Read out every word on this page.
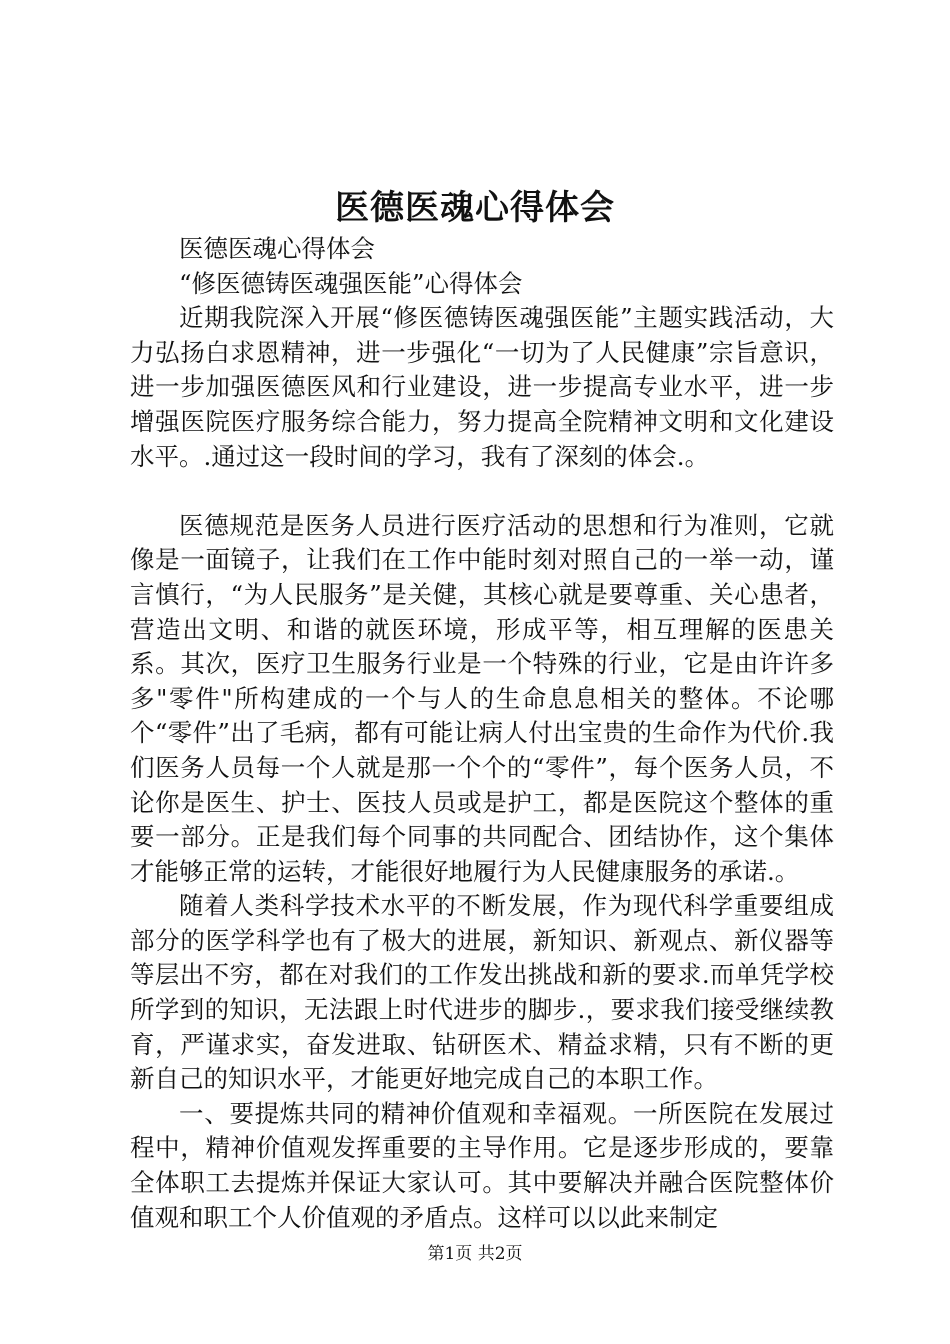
医德医魂心得体会

医德医魂心得体会

“修医德铸医魂强医能”心得体会

近期我院深入开展“修医德铸医魂强医能”主题实践活动，大力弘扬白求恩精神，进一步强化“一切为了人民健康”宗旨意识，进一步加强医德医风和行业建设，进一步提高专业水平，进一步增强医院医疗服务综合能力，努力提高全院精神文明和文化建设水平。.通过这一段时间的学习，我有了深刻的体会.。

医德规范是医务人员进行医疗活动的思想和行为准则，它就像是一面镜子，让我们在工作中能时刻对照自己的一举一动，谨言慎行，“为人民服务”是关健，其核心就是要尊重、关心患者，营造出文明、和谐的就医环境，形成平等，相互理解的医患关系。其次，医疗卫生服务行业是一个特殊的行业，它是由许许多多"零件"所构建成的一个与人的生命息息相关的整体。不论哪个“零件”出了毛病，都有可能让病人付出宝贵的生命作为代价.我们医务人员每一个人就是那一个个的“零件”，每个医务人员，不论你是医生、护士、医技人员或是护工，都是医院这个整体的重要一部分。正是我们每个同事的共同配合、团结协作，这个集体才能够正常的运转，才能很好地履行为人民健康服务的承诺.。

随着人类科学技术水平的不断发展，作为现代科学重要组成部分的医学科学也有了极大的进展，新知识、新观点、新仪器等等层出不穷，都在对我们的工作发出挑战和新的要求.而单凭学校所学到的知识，无法跟上时代进步的脚步.，要求我们接受继续教育，严谨求实，奋发进取、钻研医术、精益求精，只有不断的更新自己的知识水平，才能更好地完成自己的本职工作。

一、要提炼共同的精神价值观和幸福观。一所医院在发展过程中，精神价值观发挥重要的主导作用。它是逐步形成的，要靠全体职工去提炼并保证大家认可。其中要解决并融合医院整体价值观和职工个人价值观的矛盾点。这样可以以此来制定

第1页 共2页
